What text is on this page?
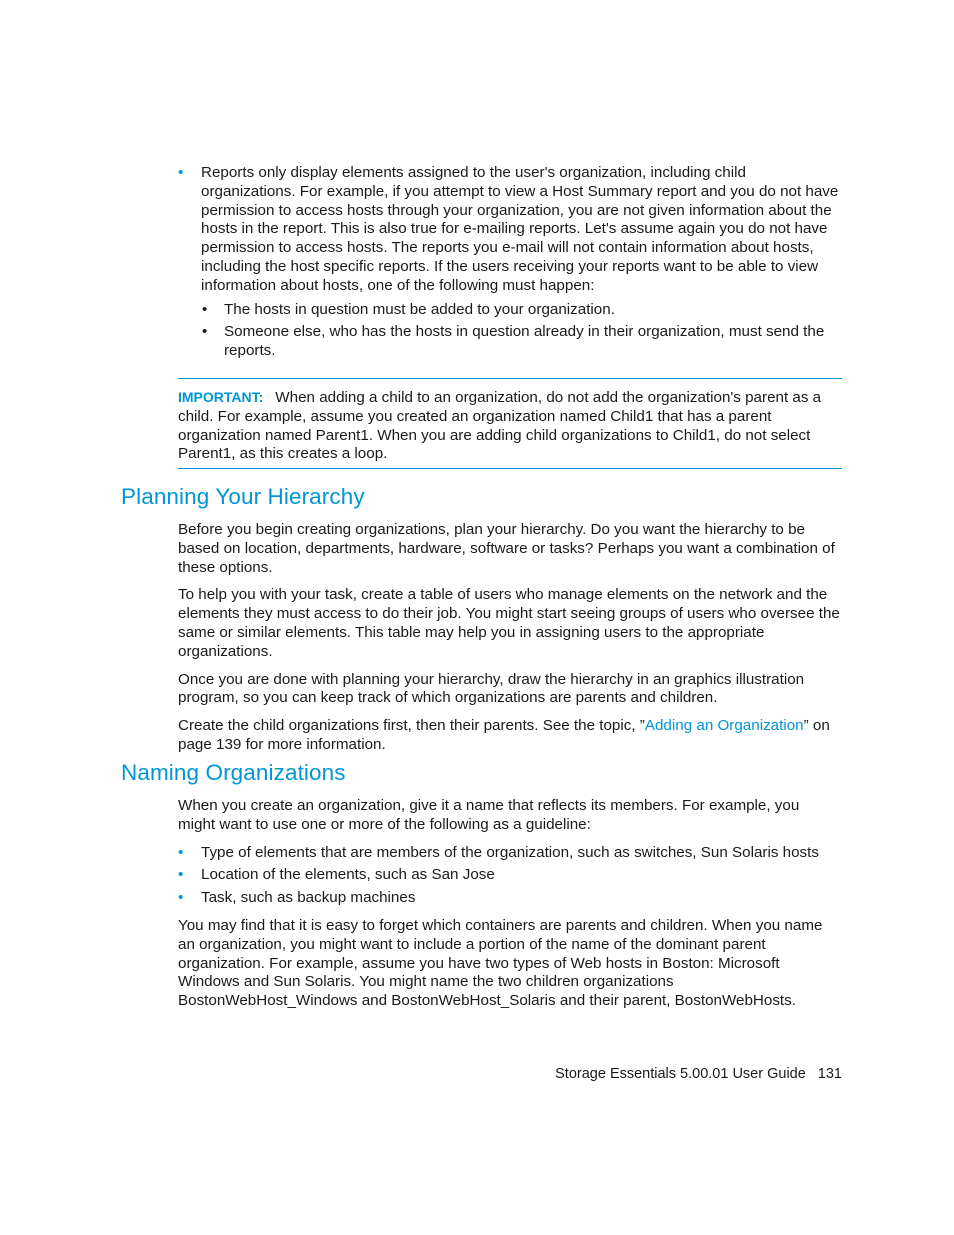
• Reports only display elements assigned to the user's organization, including child organizations. For example, if you attempt to view a Host Summary report and you do not have permission to access hosts through your organization, you are not given information about the hosts in the report. This is also true for e-mailing reports. Let's assume again you do not have permission to access hosts. The reports you e-mail will not contain information about hosts, including the host specific reports. If the users receiving your reports want to be able to view information about hosts, one of the following must happen:

• The hosts in question must be added to your organization.
• Someone else, who has the hosts in question already in their organization, must send the reports.
IMPORTANT: When adding a child to an organization, do not add the organization's parent as a child. For example, assume you created an organization named Child1 that has a parent organization named Parent1. When you are adding child organizations to Child1, do not select Parent1, as this creates a loop.
Planning Your Hierarchy

Before you begin creating organizations, plan your hierarchy. Do you want the hierarchy to be based on location, departments, hardware, software or tasks? Perhaps you want a combination of these options.

To help you with your task, create a table of users who manage elements on the network and the elements they must access to do their job. You might start seeing groups of users who oversee the same or similar elements. This table may help you in assigning users to the appropriate organizations.

Once you are done with planning your hierarchy, draw the hierarchy in an graphics illustration program, so you can keep track of which organizations are parents and children.

Create the child organizations first, then their parents. See the topic, ”Adding an Organization” on page 139 for more information.

Naming Organizations

When you create an organization, give it a name that reflects its members. For example, you might want to use one or more of the following as a guideline:

• Type of elements that are members of the organization, such as switches, Sun Solaris hosts
• Location of the elements, such as San Jose
• Task, such as backup machines

You may find that it is easy to forget which containers are parents and children. When you name an organization, you might want to include a portion of the name of the dominant parent organization. For example, assume you have two types of Web hosts in Boston: Microsoft Windows and Sun Solaris. You might name the two children organizations BostonWebHost_Windows and BostonWebHost_Solaris and their parent, BostonWebHosts.

Storage Essentials 5.00.01 User Guide 131
